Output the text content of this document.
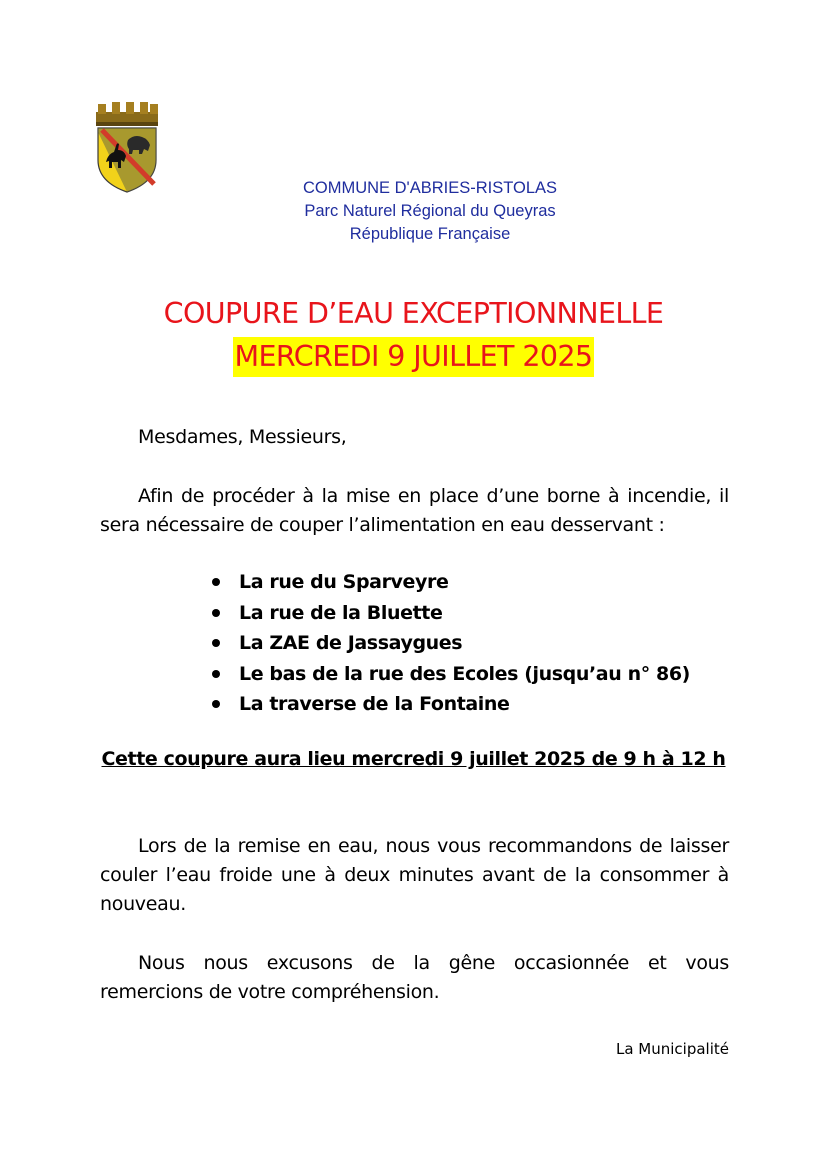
COMMUNE D'ABRIES-RISTOLAS
Parc Naturel Régional du Queyras
République Française
COUPURE D’EAU EXCEPTIONNNELLE
MERCREDI 9 JUILLET 2025
Mesdames, Messieurs,
Afin de procéder à la mise en place d’une borne à incendie, il sera nécessaire de couper l’alimentation en eau desservant :
La rue du Sparveyre
La rue de la Bluette
La ZAE de Jassaygues
Le bas de la rue des Ecoles (jusqu’au n° 86)
La traverse de la Fontaine
Cette coupure aura lieu mercredi 9 juillet 2025 de 9 h à 12 h
Lors de la remise en eau, nous vous recommandons de laisser couler l’eau froide une à deux minutes avant de la consommer à nouveau.
Nous nous excusons de la gêne occasionnée et vous remercions de votre compréhension.
La Municipalité
